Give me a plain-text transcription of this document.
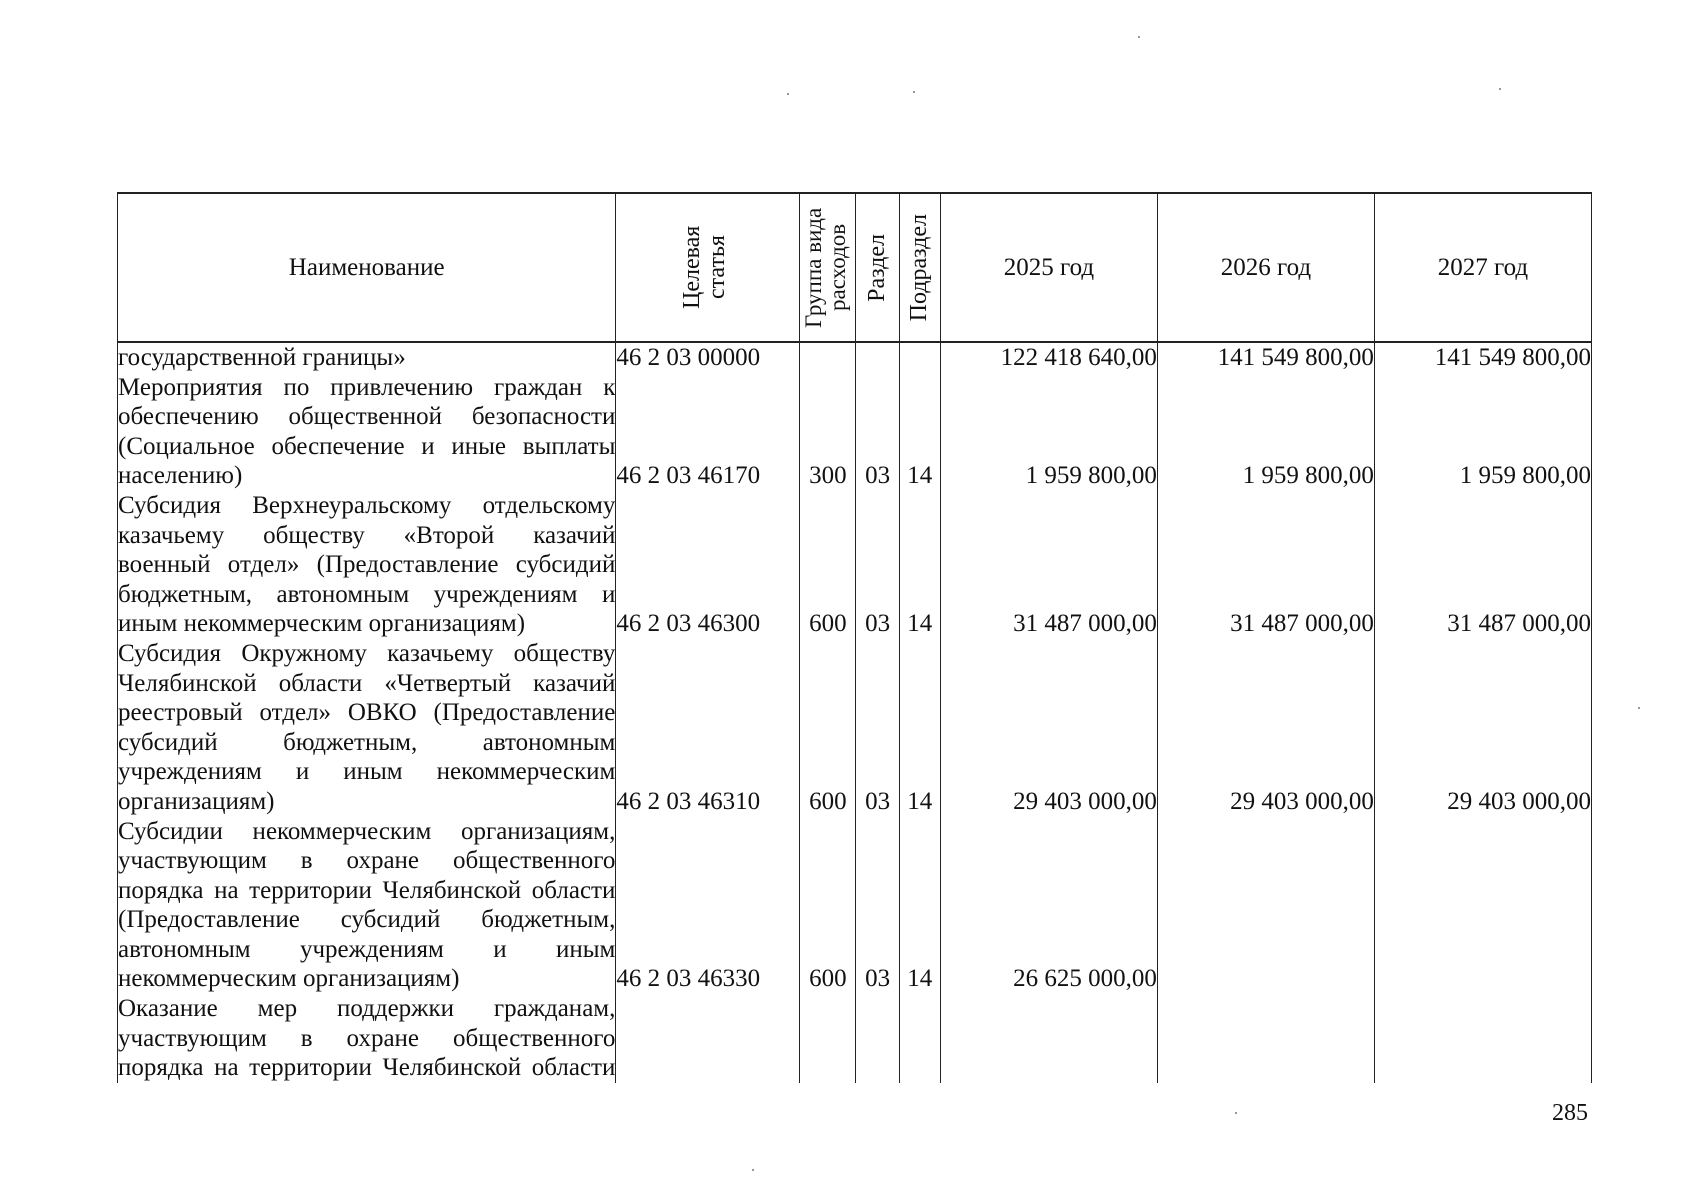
Наименование	Целевая статья	Группа вида расходов	Раздел	Подраздел	2025 год	2026 год	2027 год
государственной границы»	46 2 03 00000				122 418 640,00	141 549 800,00	141 549 800,00
Мероприятия по привлечению граждан к обеспечению общественной безопасности (Социальное обеспечение и иные выплаты населению)	46 2 03 46170	300	03	14	1 959 800,00	1 959 800,00	1 959 800,00
Субсидия Верхнеуральскому отдельскому казачьему обществу «Второй казачий военный отдел» (Предоставление субсидий бюджетным, автономным учреждениям и иным некоммерческим организациям)	46 2 03 46300	600	03	14	31 487 000,00	31 487 000,00	31 487 000,00
Субсидия Окружному казачьему обществу Челябинской области «Четвертый казачий реестровый отдел» ОВКО (Предоставление субсидий бюджетным, автономным учреждениям и иным некоммерческим организациям)	46 2 03 46310	600	03	14	29 403 000,00	29 403 000,00	29 403 000,00
Субсидии некоммерческим организациям, участвующим в охране общественного порядка на территории Челябинской области (Предоставление субсидий бюджетным, автономным учреждениям и иным некоммерческим организациям)	46 2 03 46330	600	03	14	26 625 000,00		
Оказание мер поддержки гражданам, участвующим в охране общественного порядка на территории Челябинской области							
285
